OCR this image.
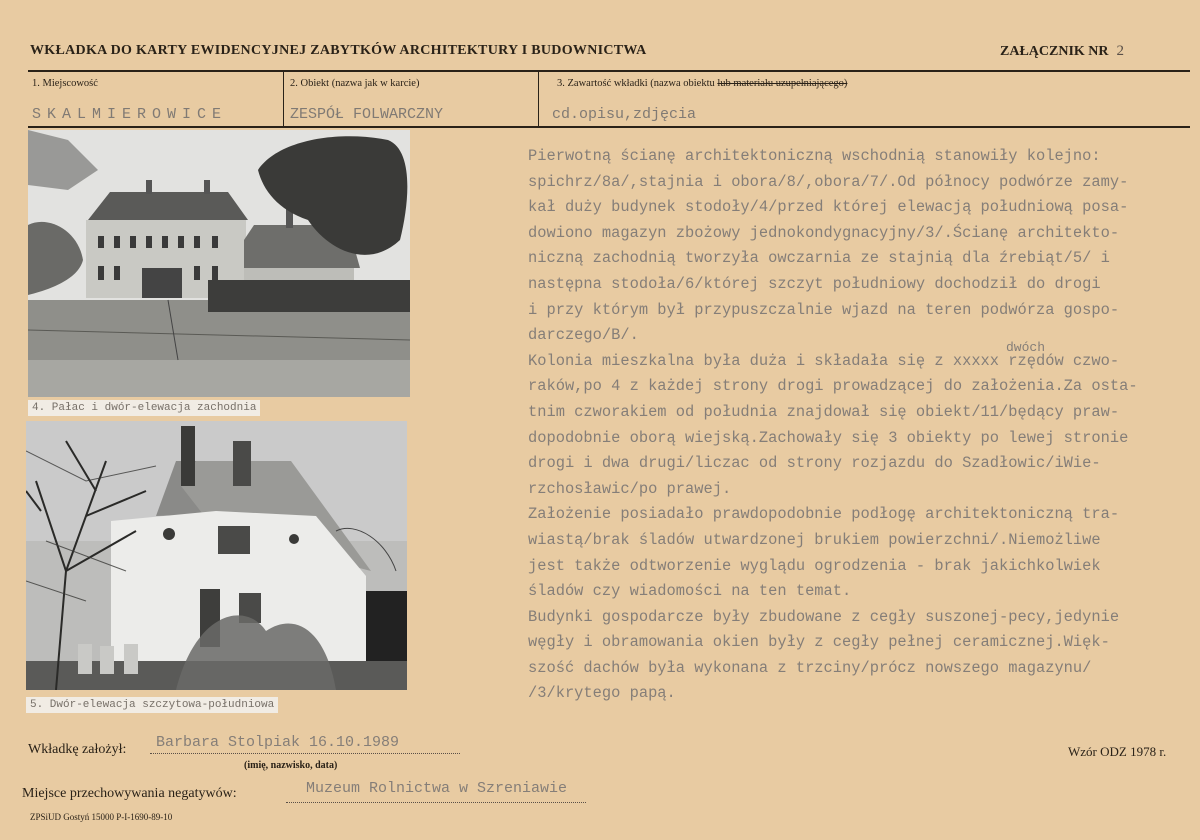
WKŁADKA DO KARTY EWIDENCYJNEJ ZABYTKÓW ARCHITEKTURY I BUDOWNICTWA	ZAŁĄCZNIK NR 2
1. Miejscowość	2. Obiekt (nazwa jak w karcie)	3. Zawartość wkładki (nazwa obiektu lub materiału uzupełniającego)
SKALMIEROWICE	ZESPÓŁ FOLWARCZNY	cd.opisu,zdjęcia
4. Pałac i dwór-elewacja zachodnia
5. Dwór-elewacja szczytowa-południowa
Pierwotną ścianę architektoniczną wschodnią stanowiły kolejno:
spichrz/8a/,stajnia i obora/8/,obora/7/.Od północy podwórze zamy-
kał duży budynek stodoły/4/przed której elewacją południową posa-
dowiono magazyn zbożowy jednokondygnacyjny/3/.Ścianę architekto-
niczną zachodnią tworzyła owczarnia ze stajnią dla źrebiąt/5/ i
następna stodoła/6/której szczyt południowy dochodził do drogi
i przy którym był przypuszczalnie wjazd na teren podwórza gospo-
darczego/B/.
Kolonia mieszkalna była duża i składała się z xxxxx rzędów czwo-
raków,po 4 z każdej strony drogi prowadzącej do założenia.Za osta-
tnim czworakiem od południa znajdował się obiekt/11/będący praw-
dopodobnie oborą wiejską.Zachowały się 3 obiekty po lewej stronie
drogi i dwa drugi/liczac od strony rozjazdu do Szadłowic/iWie-
rzchosławic/po prawej.
Założenie posiadało prawdopodobnie podłogę architektoniczną tra-
wiastą/brak śladów utwardzonej brukiem powierzchni/.Niemożliwe
jest także odtworzenie wyglądu ogrodzenia - brak jakichkolwiek
śladów czy wiadomości na ten temat.
Budynki gospodarcze były zbudowane z cegły suszonej-pecy,jedynie
węgły i obramowania okien były z cegły pełnej ceramicznej.Więk-
szość dachów była wykonana z trzciny/prócz nowszego magazynu/
/3/krytego papą.
dwóch
Wkładkę założył: Barbara Stolpiak 16.10.1989
(imię, nazwisko, data)
Miejsce przechowywania negatywów:	Muzeum Rolnictwa w Szreniawie
Wzór ODZ 1978 r.
ZPSiUD Gostyń 15000 P-I-1690-89-10
